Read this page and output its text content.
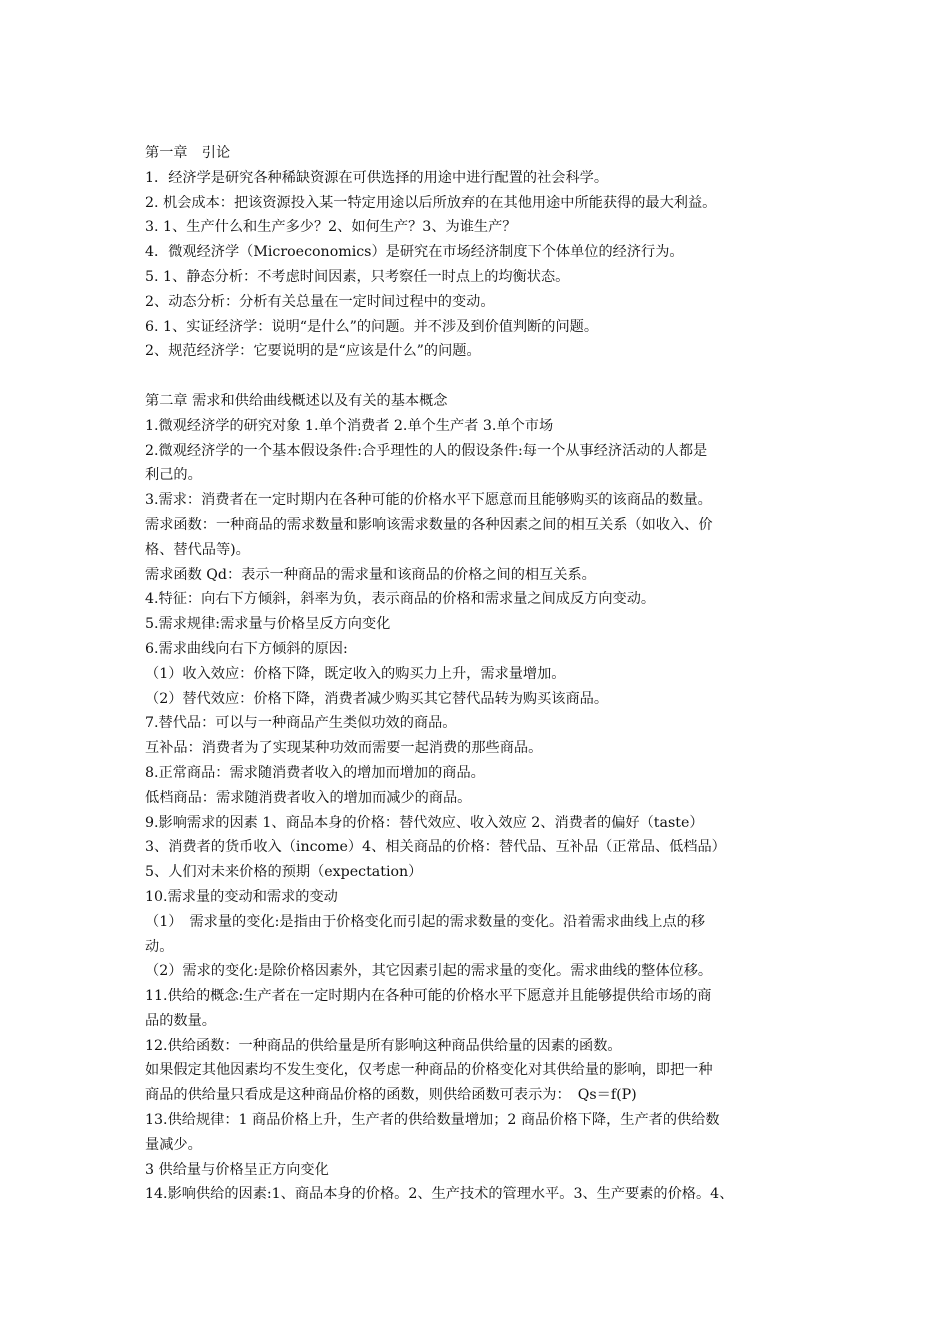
第一章　引论
1．经济学是研究各种稀缺资源在可供选择的用途中进行配置的社会科学。
2. 机会成本：把该资源投入某一特定用途以后所放弃的在其他用途中所能获得的最大利益。
3. 1、生产什么和生产多少？2、如何生产？3、为谁生产？
4．微观经济学（Microeconomics）是研究在市场经济制度下个体单位的经济行为。
5. 1、静态分析：不考虑时间因素，只考察任一时点上的均衡状态。
2、动态分析：分析有关总量在一定时间过程中的变动。
6. 1、实证经济学：说明“是什么”的问题。并不涉及到价值判断的问题。
2、规范经济学：它要说明的是“应该是什么”的问题。
第二章 需求和供给曲线概述以及有关的基本概念
1.微观经济学的研究对象 1.单个消费者 2.单个生产者 3.单个市场
2.微观经济学的一个基本假设条件:合乎理性的人的假设条件:每一个从事经济活动的人都是
利己的。
3.需求：消费者在一定时期内在各种可能的价格水平下愿意而且能够购买的该商品的数量。
需求函数：一种商品的需求数量和影响该需求数量的各种因素之间的相互关系（如收入、价
格、替代品等)。
需求函数 Qd：表示一种商品的需求量和该商品的价格之间的相互关系。
4.特征：向右下方倾斜，斜率为负，表示商品的价格和需求量之间成反方向变动。
5.需求规律:需求量与价格呈反方向变化
6.需求曲线向右下方倾斜的原因:
（1）收入效应：价格下降，既定收入的购买力上升，需求量增加。
（2）替代效应：价格下降，消费者减少购买其它替代品转为购买该商品。
7.替代品：可以与一种商品产生类似功效的商品。
互补品：消费者为了实现某种功效而需要一起消费的那些商品。
8.正常商品：需求随消费者收入的增加而增加的商品。
低档商品：需求随消费者收入的增加而减少的商品。
9.影响需求的因素 1、商品本身的价格：替代效应、收入效应 2、消费者的偏好（taste）
3、消费者的货币收入（income）4、相关商品的价格：替代品、互补品（正常品、低档品）
5、人们对未来价格的预期（expectation）
10.需求量的变动和需求的变动
（1）　需求量的变化:是指由于价格变化而引起的需求数量的变化。沿着需求曲线上点的移
动。
（2）需求的变化:是除价格因素外，其它因素引起的需求量的变化。需求曲线的整体位移。
11.供给的概念:生产者在一定时期内在各种可能的价格水平下愿意并且能够提供给市场的商
品的数量。
12.供给函数：一种商品的供给量是所有影响这种商品供给量的因素的函数。
如果假定其他因素均不发生变化，仅考虑一种商品的价格变化对其供给量的影响，即把一种
商品的供给量只看成是这种商品价格的函数，则供给函数可表示为：　Qs＝f(P)
13.供给规律：1 商品价格上升，生产者的供给数量增加；2 商品价格下降，生产者的供给数
量减少。
3 供给量与价格呈正方向变化
14.影响供给的因素:1、商品本身的价格。2、生产技术的管理水平。3、生产要素的价格。4、
